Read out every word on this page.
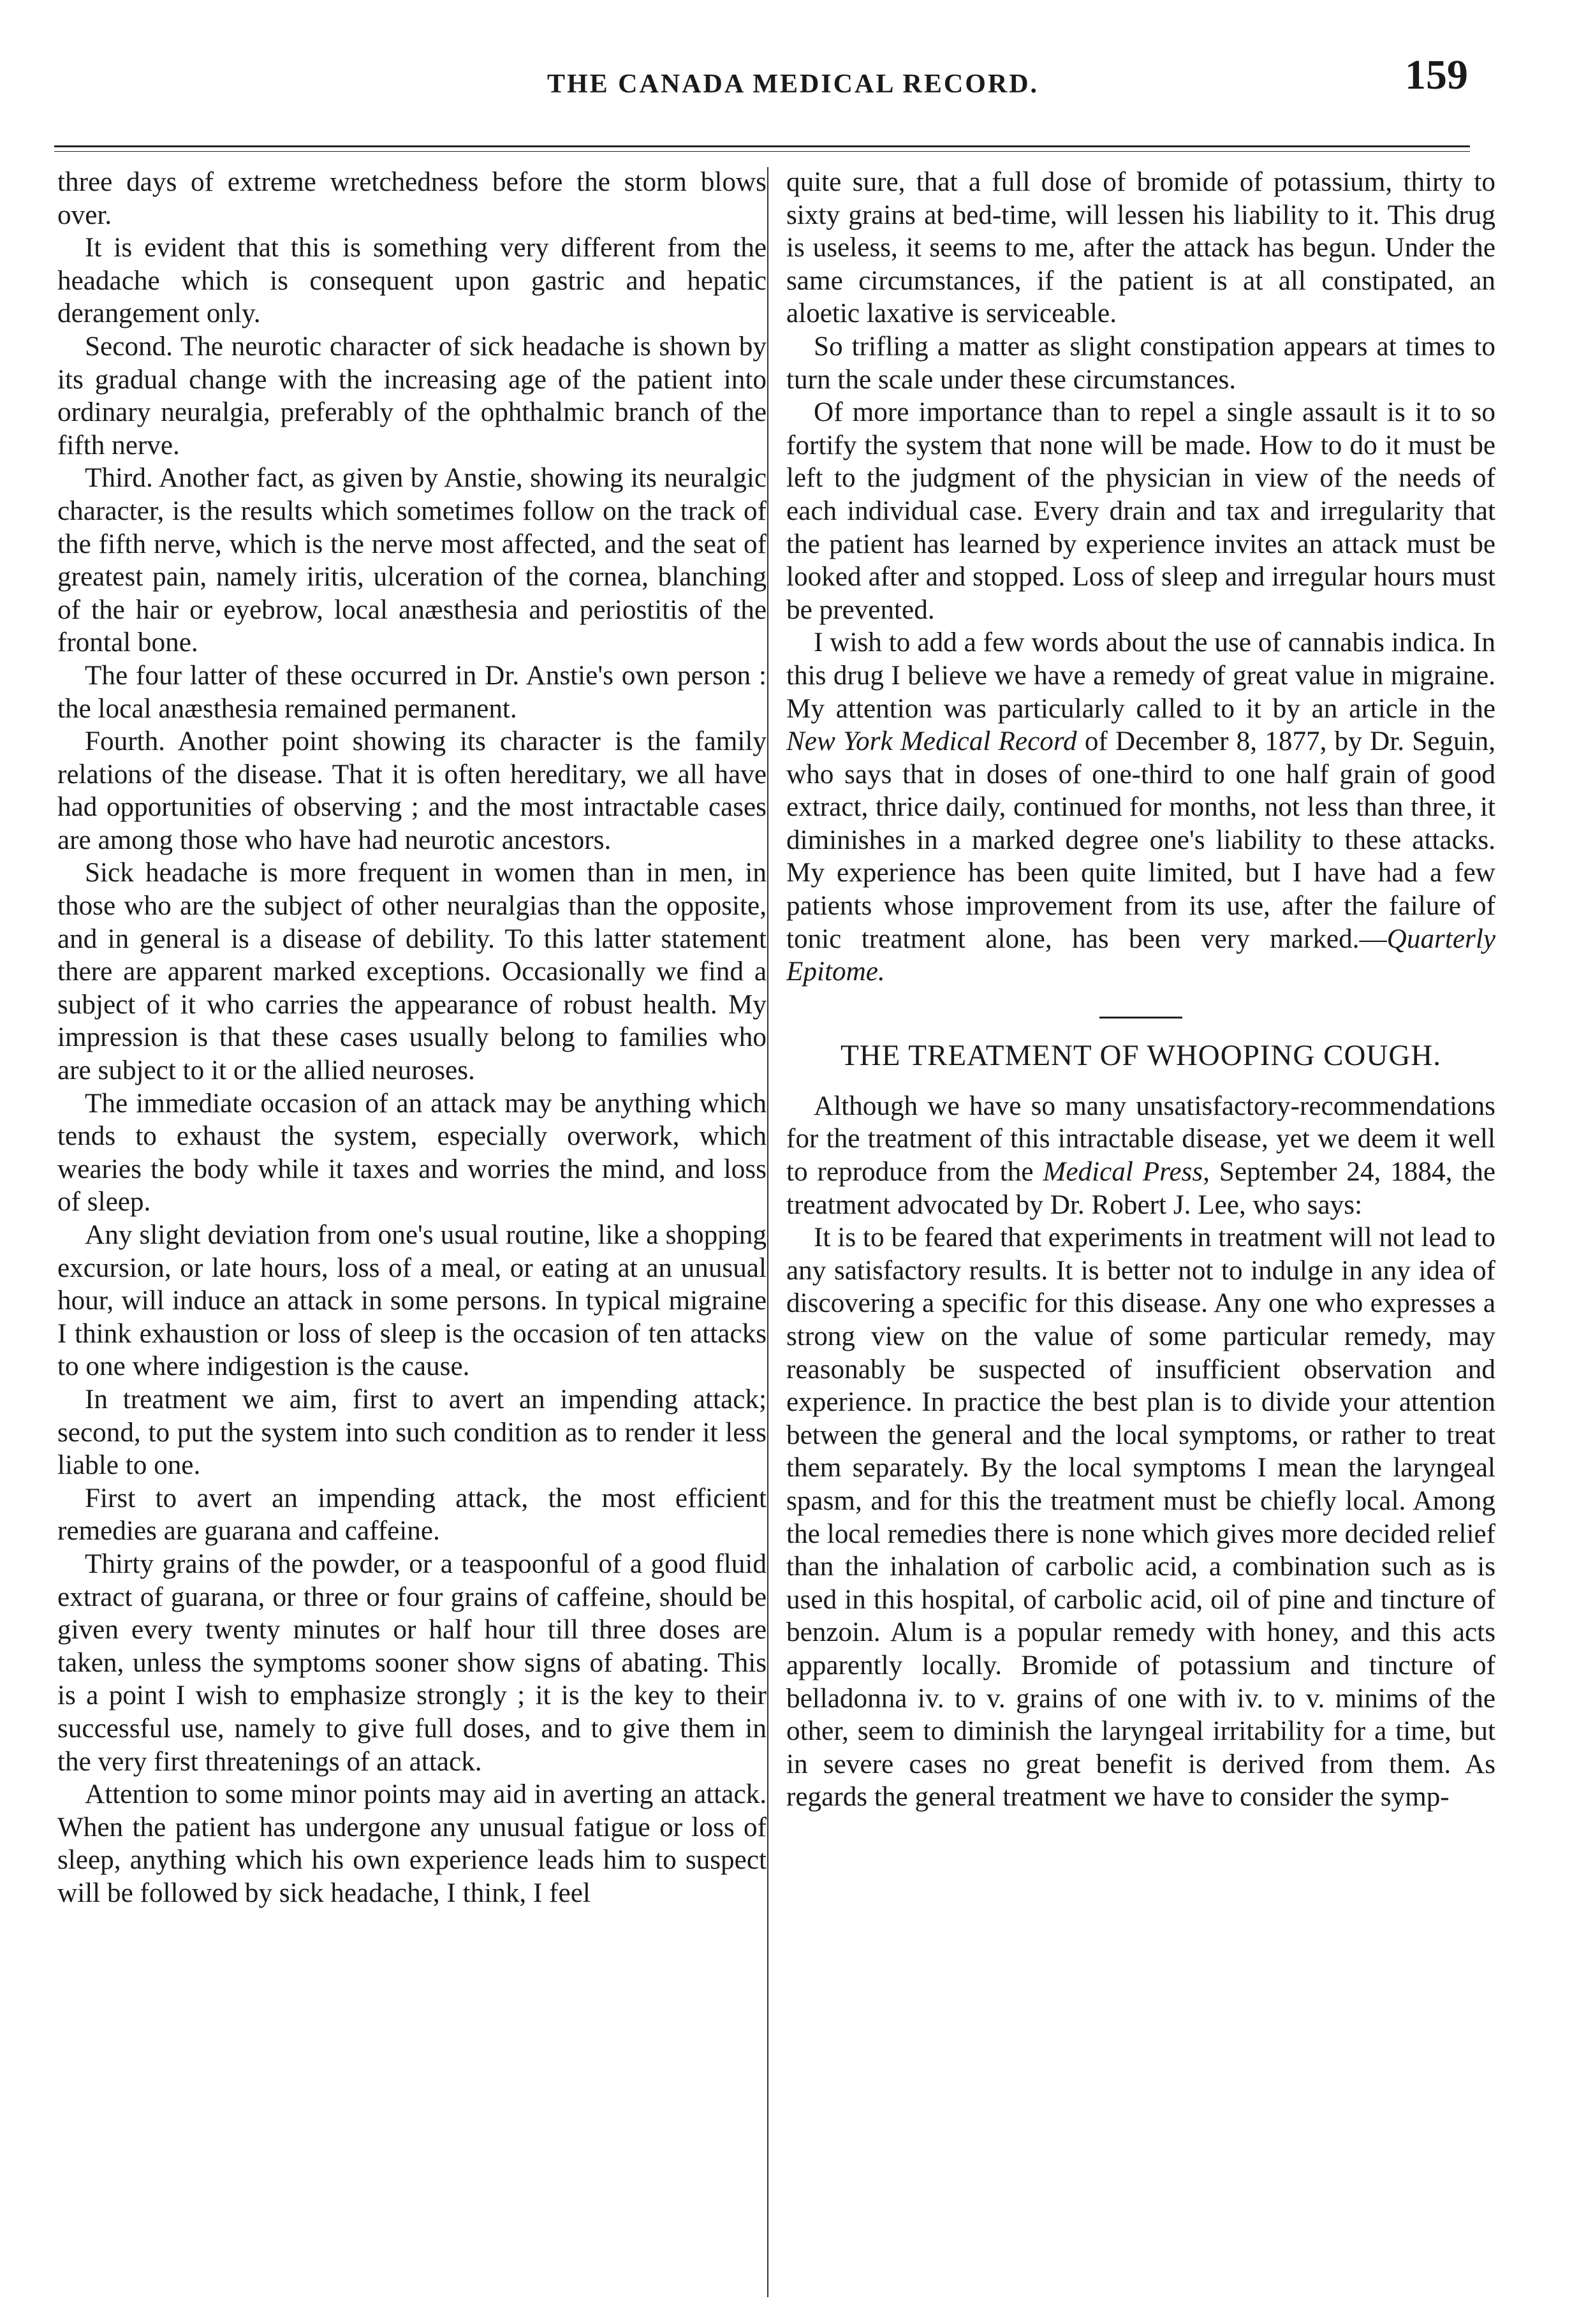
THE CANADA MEDICAL RECORD.	159

three days of extreme wretchedness before the storm blows over.

It is evident that this is something very different from the headache which is consequent upon gastric and hepatic derangement only.

Second. The neurotic character of sick headache is shown by its gradual change with the increasing age of the patient into ordinary neuralgia, preferably of the ophthalmic branch of the fifth nerve.

Third. Another fact, as given by Anstie, showing its neuralgic character, is the results which sometimes follow on the track of the fifth nerve, which is the nerve most affected, and the seat of greatest pain, namely iritis, ulceration of the cornea, blanching of the hair or eyebrow, local anæsthesia and periostitis of the frontal bone.

The four latter of these occurred in Dr. Anstie's own person : the local anæsthesia remained permanent.

Fourth. Another point showing its character is the family relations of the disease. That it is often hereditary, we all have had opportunities of observing ; and the most intractable cases are among those who have had neurotic ancestors.

Sick headache is more frequent in women than in men, in those who are the subject of other neuralgias than the opposite, and in general is a disease of debility. To this latter statement there are apparent marked exceptions. Occasionally we find a subject of it who carries the appearance of robust health. My impression is that these cases usually belong to families who are subject to it or the allied neuroses.

The immediate occasion of an attack may be anything which tends to exhaust the system, especially overwork, which wearies the body while it taxes and worries the mind, and loss of sleep.

Any slight deviation from one's usual routine, like a shopping excursion, or late hours, loss of a meal, or eating at an unusual hour, will induce an attack in some persons. In typical migraine I think exhaustion or loss of sleep is the occasion of ten attacks to one where indigestion is the cause.

In treatment we aim, first to avert an impending attack; second, to put the system into such condition as to render it less liable to one.

First to avert an impending attack, the most efficient remedies are guarana and caffeine.

Thirty grains of the powder, or a teaspoonful of a good fluid extract of guarana, or three or four grains of caffeine, should be given every twenty minutes or half hour till three doses are taken, unless the symptoms sooner show signs of abating. This is a point I wish to emphasize strongly ; it is the key to their successful use, namely to give full doses, and to give them in the very first threatenings of an attack.

Attention to some minor points may aid in averting an attack. When the patient has undergone any unusual fatigue or loss of sleep, anything which his own experience leads him to suspect will be followed by sick headache, I think, I feel

quite sure, that a full dose of bromide of potassium, thirty to sixty grains at bed-time, will lessen his liability to it. This drug is useless, it seems to me, after the attack has begun. Under the same circumstances, if the patient is at all constipated, an aloetic laxative is serviceable.

So trifling a matter as slight constipation appears at times to turn the scale under these circumstances.

Of more importance than to repel a single assault is it to so fortify the system that none will be made. How to do it must be left to the judgment of the physician in view of the needs of each individual case. Every drain and tax and irregularity that the patient has learned by experience invites an attack must be looked after and stopped. Loss of sleep and irregular hours must be prevented.

I wish to add a few words about the use of cannabis indica. In this drug I believe we have a remedy of great value in migraine. My attention was particularly called to it by an article in the New York Medical Record of December 8, 1877, by Dr. Seguin, who says that in doses of one-third to one half grain of good extract, thrice daily, continued for months, not less than three, it diminishes in a marked degree one's liability to these attacks. My experience has been quite limited, but I have had a few patients whose improvement from its use, after the failure of tonic treatment alone, has been very marked.—Quarterly Epitome.

THE TREATMENT OF WHOOPING COUGH.

Although we have so many unsatisfactory-recommendations for the treatment of this intractable disease, yet we deem it well to reproduce from the Medical Press, September 24, 1884, the treatment advocated by Dr. Robert J. Lee, who says:

It is to be feared that experiments in treatment will not lead to any satisfactory results. It is better not to indulge in any idea of discovering a specific for this disease. Any one who expresses a strong view on the value of some particular remedy, may reasonably be suspected of insufficient observation and experience. In practice the best plan is to divide your attention between the general and the local symptoms, or rather to treat them separately. By the local symptoms I mean the laryngeal spasm, and for this the treatment must be chiefly local. Among the local remedies there is none which gives more decided relief than the inhalation of carbolic acid, a combination such as is used in this hospital, of carbolic acid, oil of pine and tincture of benzoin. Alum is a popular remedy with honey, and this acts apparently locally. Bromide of potassium and tincture of belladonna iv. to v. grains of one with iv. to v. minims of the other, seem to diminish the laryngeal irritability for a time, but in severe cases no great benefit is derived from them. As regards the general treatment we have to consider the symp-
